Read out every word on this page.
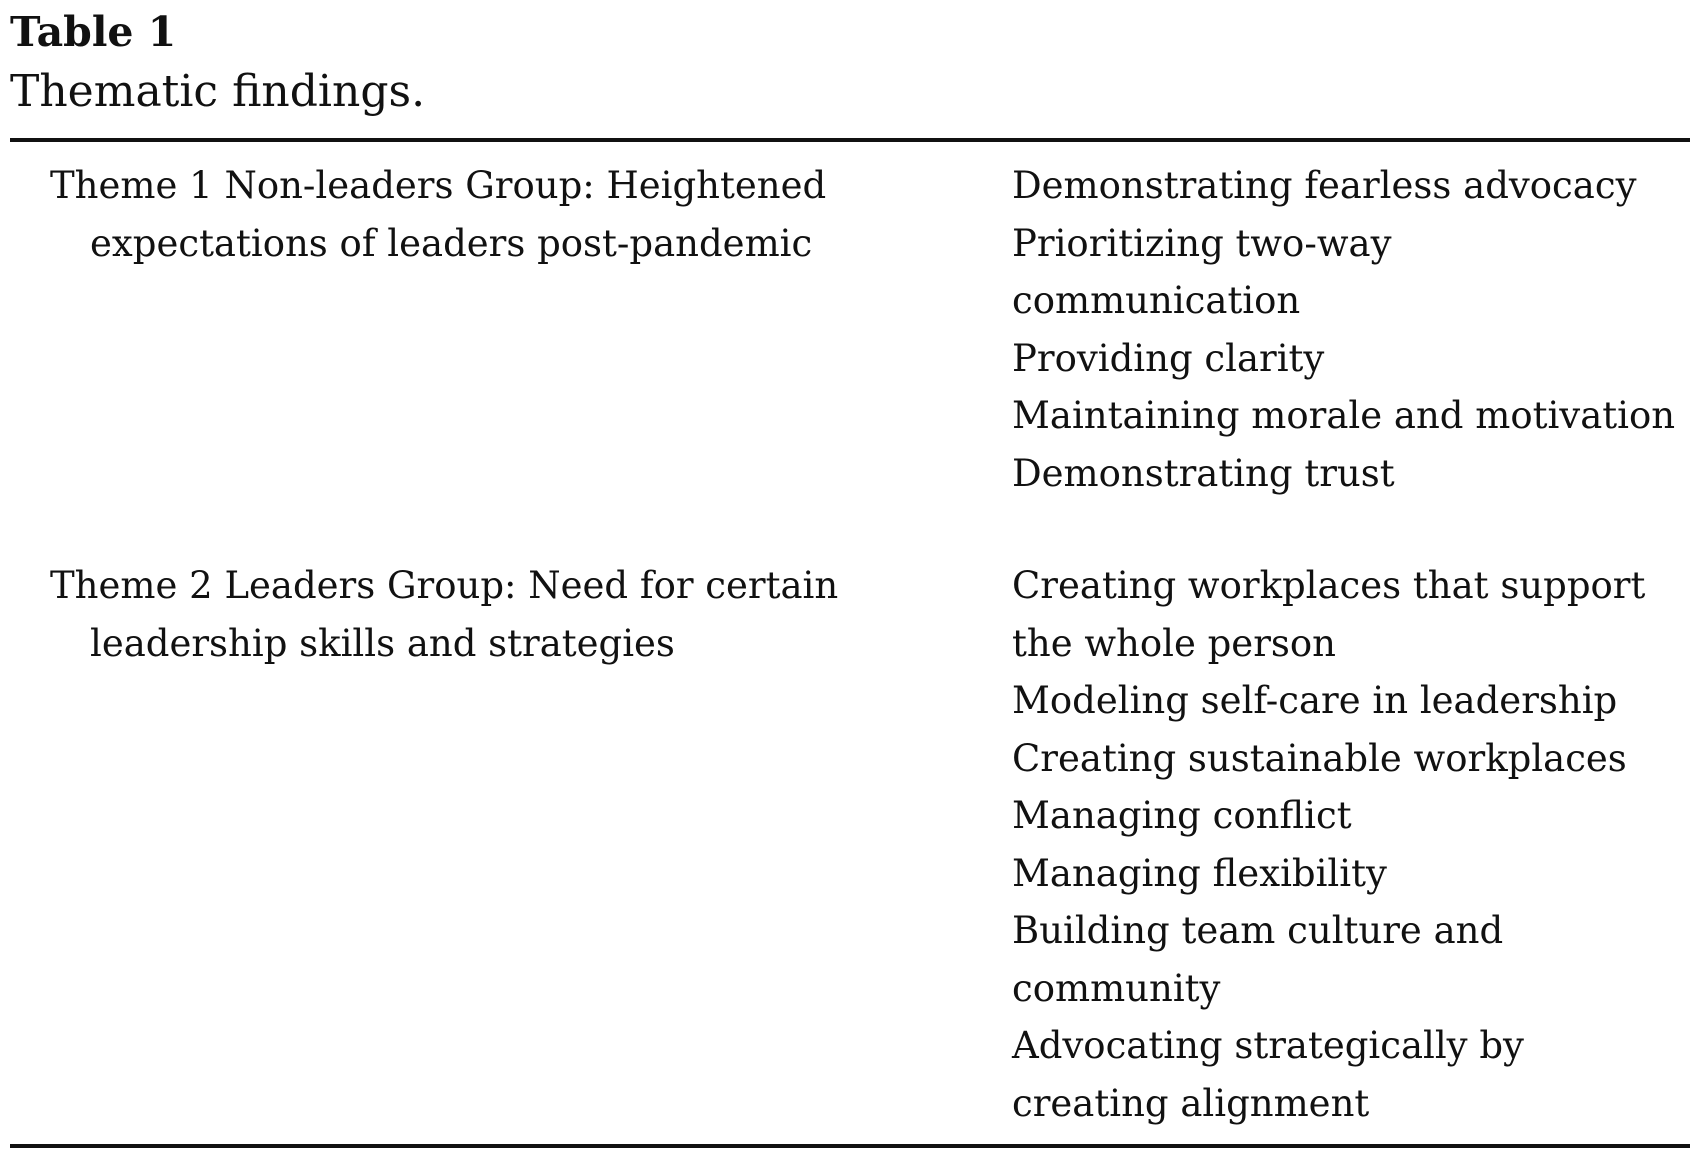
Table 1
Thematic findings.
Theme 1 Non-leaders Group: Heightened expectations of leaders post-pandemic
Demonstrating fearless advocacy
Prioritizing two-way communication
Providing clarity
Maintaining morale and motivation
Demonstrating trust
Theme 2 Leaders Group: Need for certain leadership skills and strategies
Creating workplaces that support the whole person
Modeling self-care in leadership
Creating sustainable workplaces
Managing conflict
Managing flexibility
Building team culture and community
Advocating strategically by creating alignment
